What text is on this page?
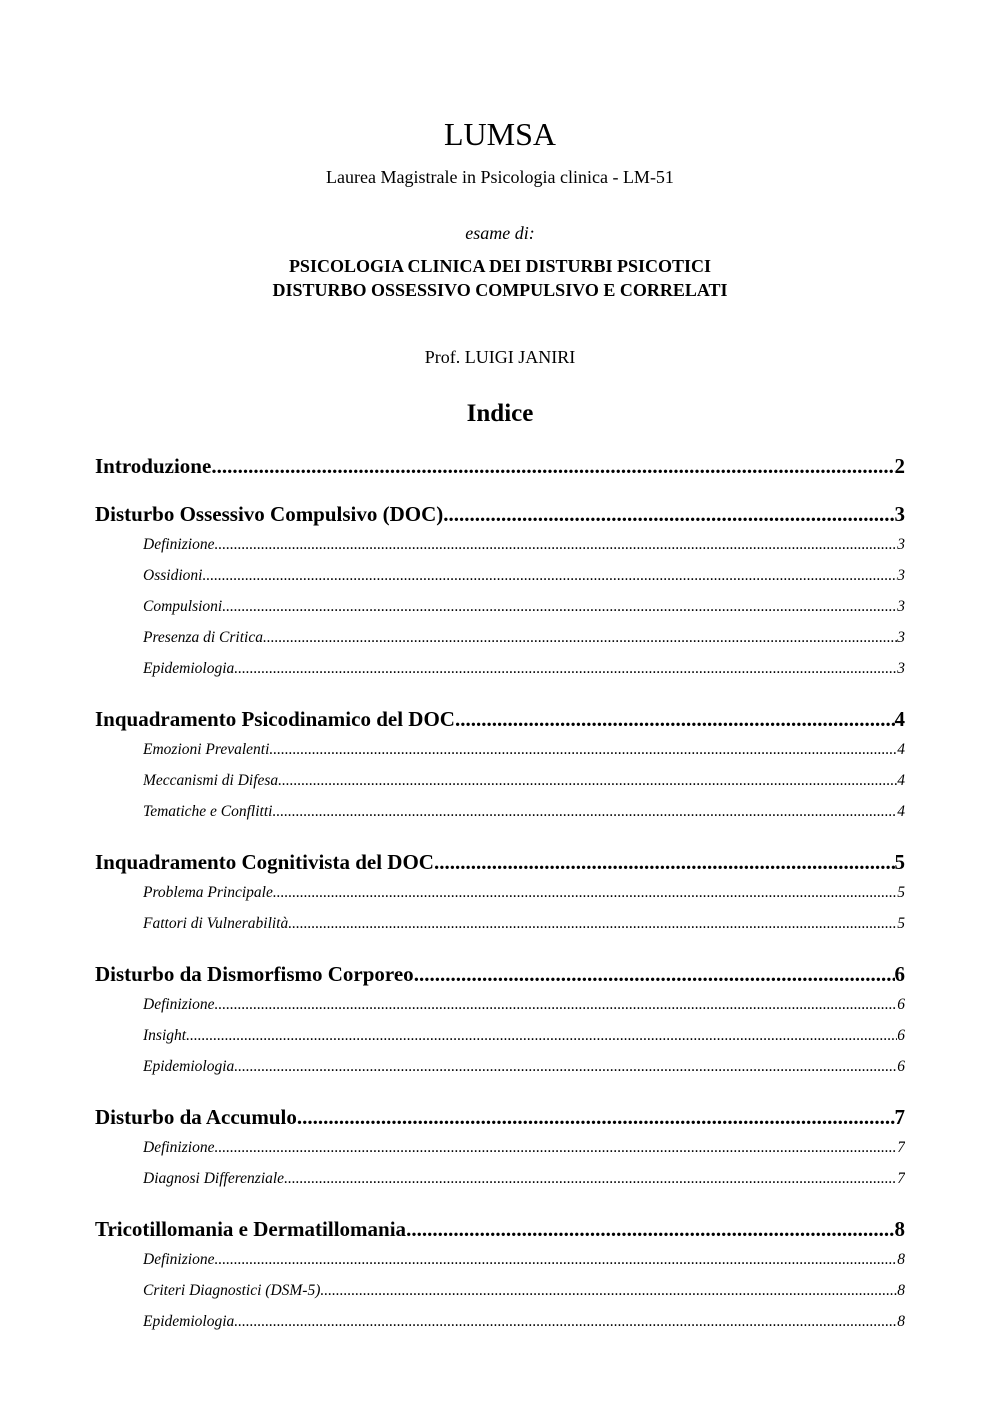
LUMSA
Laurea Magistrale in Psicologia clinica - LM-51
esame di:
PSICOLOGIA CLINICA DEI DISTURBI PSICOTICI
DISTURBO OSSESSIVO COMPULSIVO E CORRELATI
Prof. LUIGI JANIRI
Indice
Introduzione .....	2
Disturbo Ossessivo Compulsivo (DOC) .....	3
Definizione .....	3
Ossidioni .....	3
Compulsioni .....	3
Presenza di Critica .....	3
Epidemiologia .....	3
Inquadramento Psicodinamico del DOC .....	4
Emozioni Prevalenti .....	4
Meccanismi di Difesa .....	4
Tematiche e Conflitti .....	4
Inquadramento Cognitivista del DOC .....	5
Problema Principale .....	5
Fattori di Vulnerabilità .....	5
Disturbo da Dismorfismo Corporeo .....	6
Definizione .....	6
Insight .....	6
Epidemiologia .....	6
Disturbo da Accumulo .....	7
Definizione .....	7
Diagnosi Differenziale .....	7
Tricotillomania e Dermatillomania .....	8
Definizione .....	8
Criteri Diagnostici (DSM-5) .....	8
Epidemiologia .....	8
